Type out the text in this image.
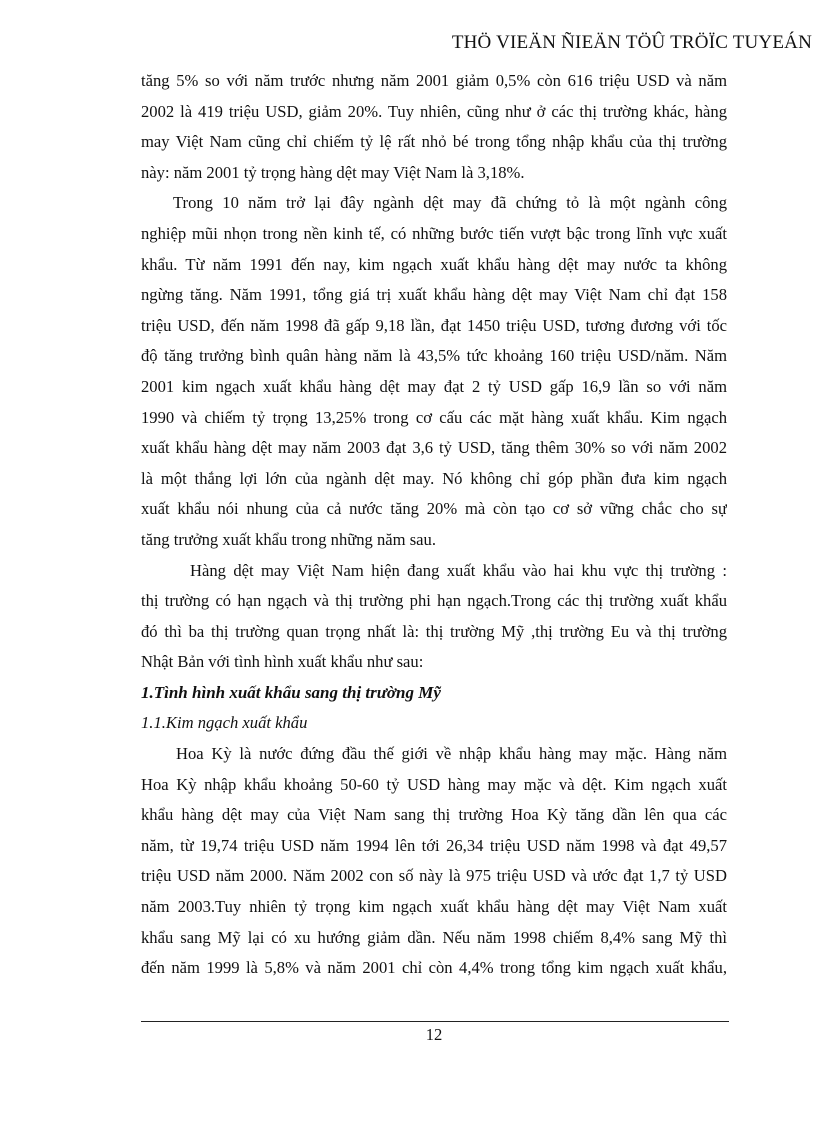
THÖ VIEÄN ÑIEÄN TÖÛ TRÖÏC TUYEÁN
tăng 5% so với năm trước nhưng năm 2001 giảm 0,5% còn 616 triệu USD và năm
2002 là 419 triệu USD, giảm 20%. Tuy nhiên, cũng như ở các thị trường khác, hàng
may Việt Nam cũng chỉ chiếm tỷ lệ rất nhỏ bé trong tổng nhập khẩu của thị trường
này: năm 2001 tỷ trọng hàng dệt may Việt Nam là 3,18%.
Trong 10 năm trở lại đây ngành dệt may đã chứng tỏ là một ngành công
nghiệp mũi nhọn trong nền kinh tế, có những bước tiến vượt bậc trong lĩnh vực xuất
khẩu. Từ năm 1991 đến nay, kim ngạch xuất khẩu hàng dệt may nước ta không
ngừng tăng. Năm 1991, tổng giá trị xuất khẩu hàng dệt may Việt Nam chỉ đạt 158
triệu USD, đến năm 1998 đã gấp 9,18 lần, đạt 1450 triệu USD, tương đương với tốc
độ tăng trưởng bình quân hàng năm là 43,5% tức khoảng 160 triệu USD/năm. Năm
2001 kim ngạch xuất khẩu hàng dệt may đạt 2 tỷ USD gấp 16,9 lần so với năm
1990 và chiếm tỷ trọng 13,25% trong cơ cấu các mặt hàng xuất khẩu. Kim ngạch
xuất khẩu hàng dệt may năm 2003 đạt 3,6 tỷ USD, tăng thêm 30% so với năm 2002
là một thắng lợi lớn của ngành dệt may. Nó không chỉ góp phần đưa kim ngạch
xuất khẩu nói nhung của cả nước tăng 20% mà còn tạo cơ sở vững chắc cho sự
tăng trưởng xuất khẩu trong những năm sau.
Hàng dệt may Việt Nam hiện đang xuất khẩu vào hai khu vực thị trường :
thị trường có hạn ngạch và thị trường phi hạn ngạch.Trong các thị trường xuất khẩu
đó thì ba thị trường quan trọng nhất là: thị trường Mỹ ,thị trường Eu và thị trường
Nhật Bản với tình hình xuất khẩu như sau:
1.Tình hình xuất khẩu sang thị trường Mỹ
1.1.Kim ngạch xuất khẩu
Hoa Kỳ là nước đứng đầu thế giới về nhập khẩu hàng may mặc. Hàng năm
Hoa Kỳ nhập khẩu khoảng 50-60 tỷ USD hàng may mặc và dệt. Kim ngạch xuất
khẩu hàng dệt may của Việt Nam sang thị trường Hoa Kỳ tăng dần lên qua các
năm, từ 19,74 triệu USD năm 1994 lên tới 26,34 triệu USD năm 1998 và đạt 49,57
triệu USD năm 2000. Năm 2002 con số này là 975 triệu USD và ước đạt 1,7 tỷ USD
năm 2003.Tuy nhiên tỷ trọng kim ngạch xuất khẩu hàng dệt may Việt Nam xuất
khẩu sang Mỹ lại có xu hướng giảm dần. Nếu năm 1998 chiếm 8,4% sang Mỹ thì
đến năm 1999 là 5,8% và năm 2001 chỉ còn 4,4% trong tổng kim ngạch xuất khẩu,
12
